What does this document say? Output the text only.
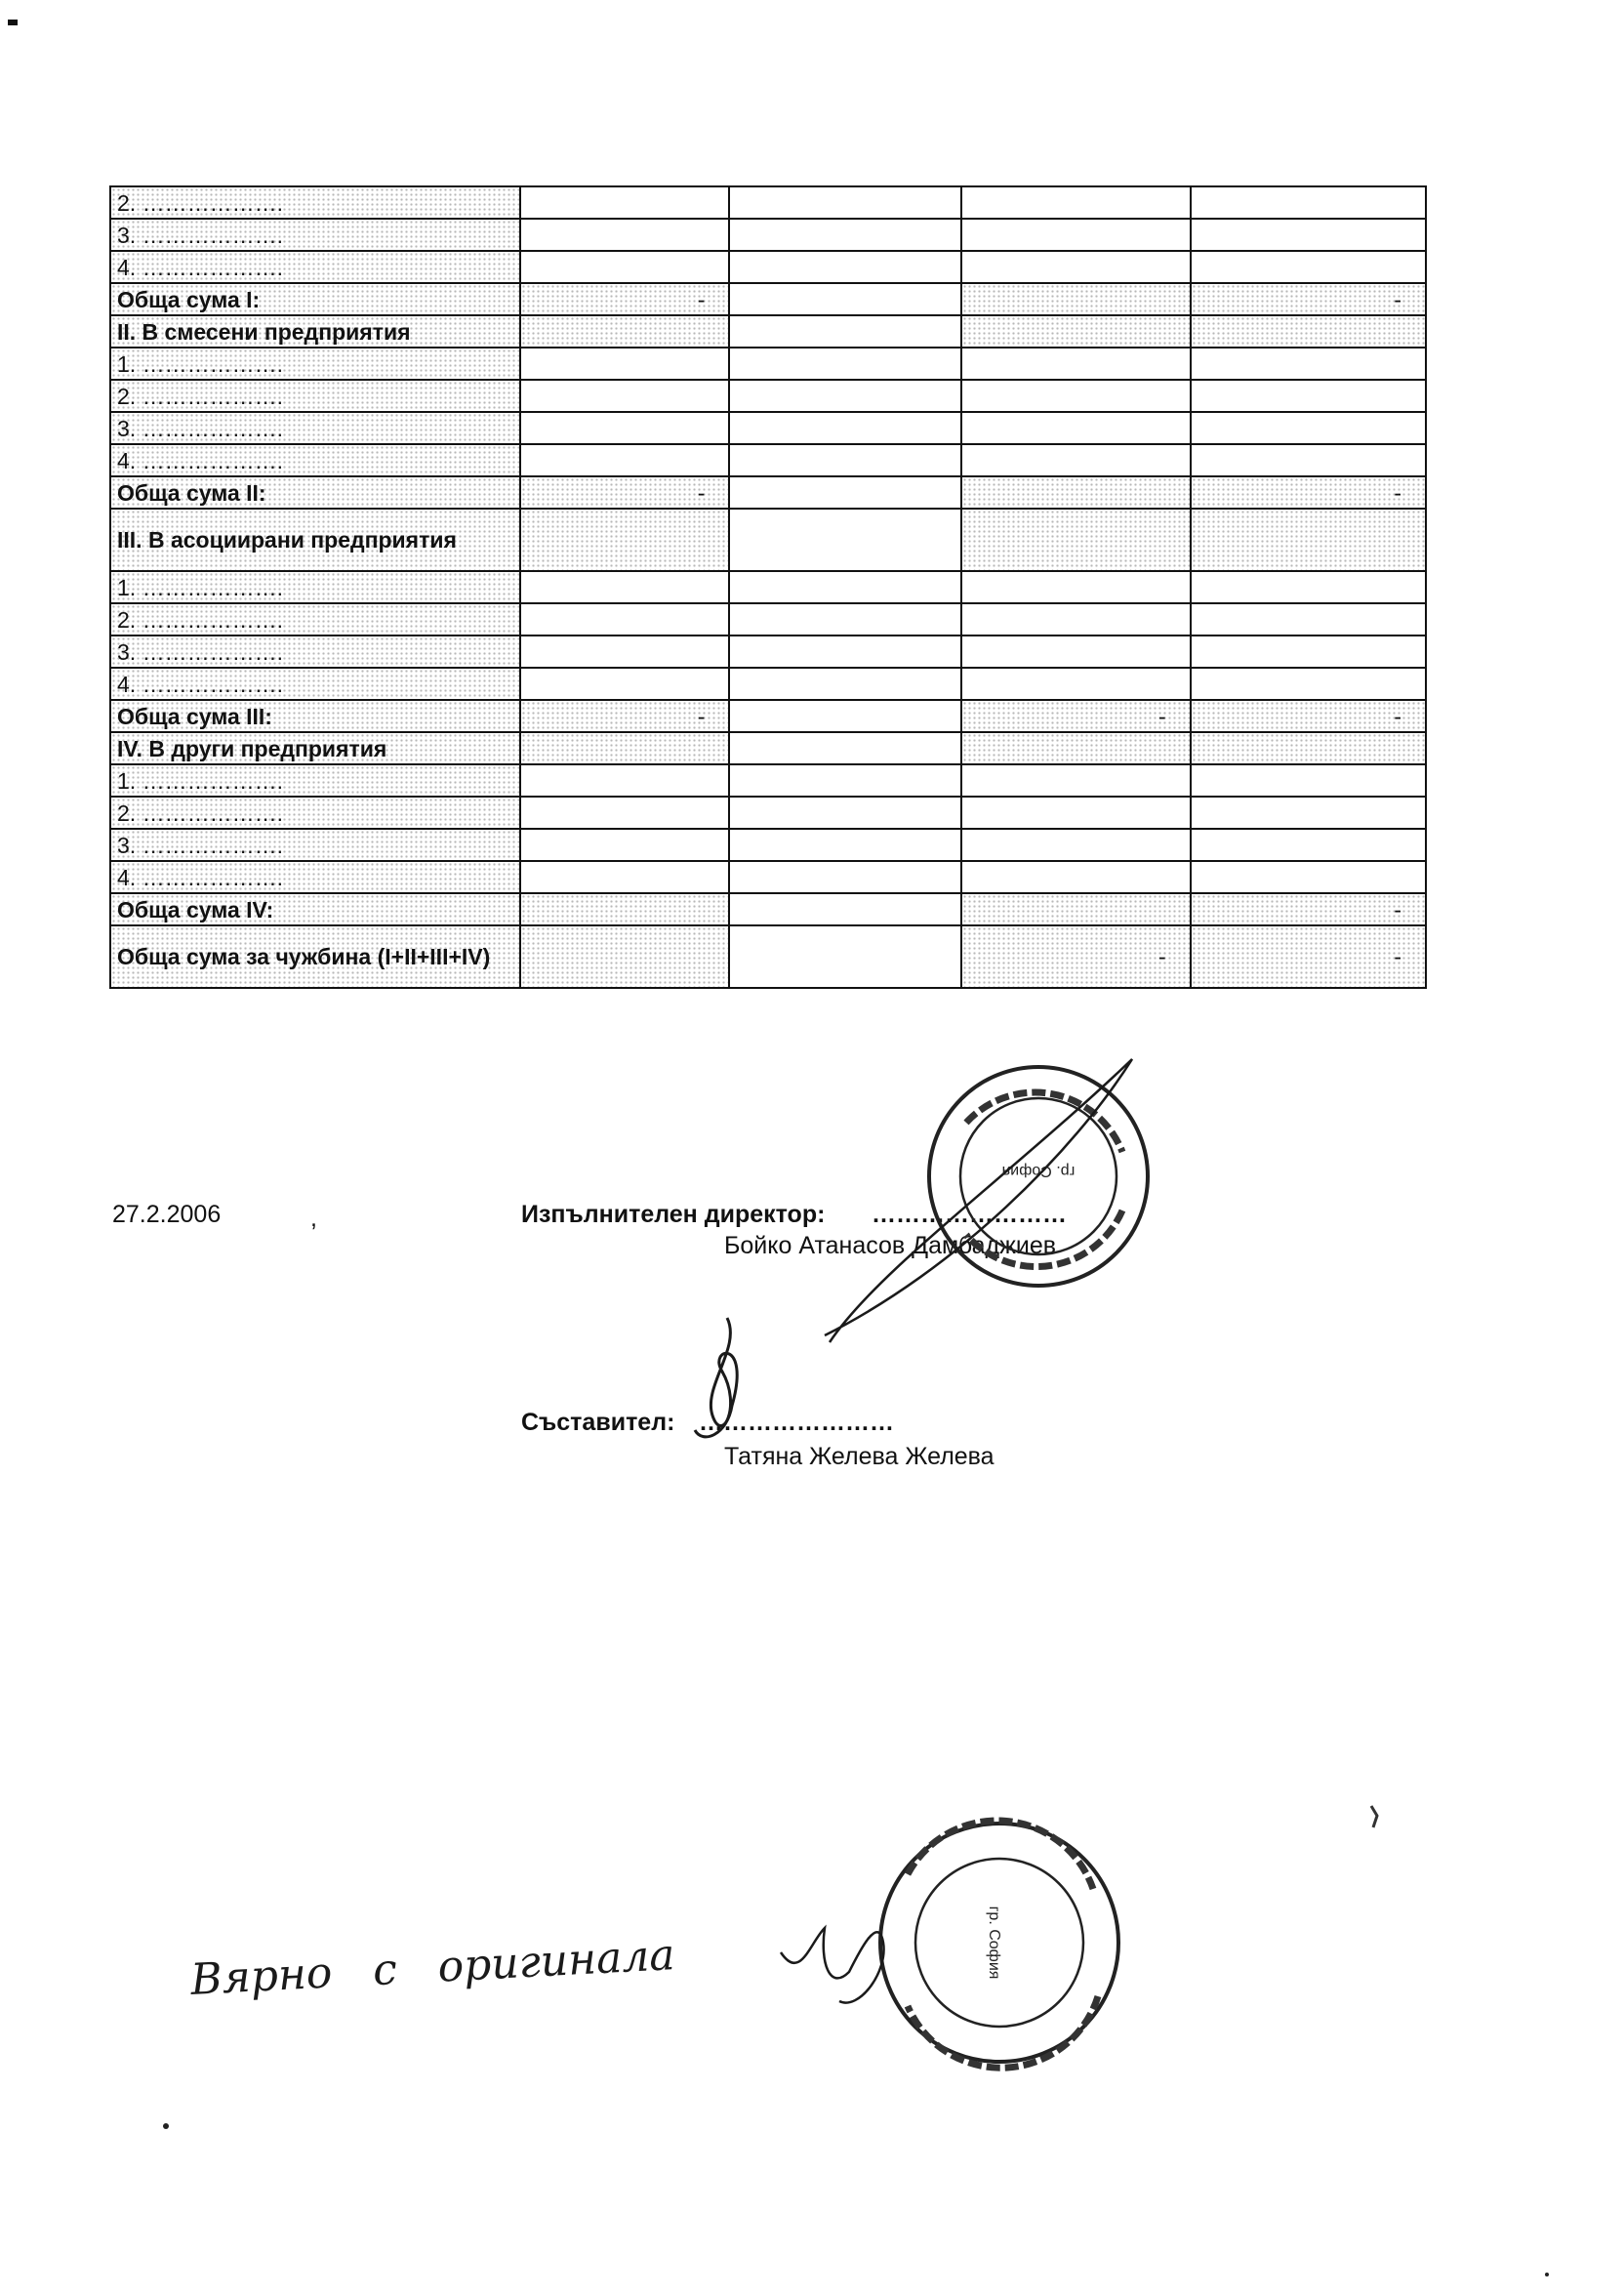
2. ……………….				
3. ……………….				
4. ……………….				
Обща сума I:	-			-
II. В смесени предприятия				
1. ……………….				
2. ……………….				
3. ……………….				
4. ……………….				
Обща сума II:	-			-
III. В асоциирани предприятия				
1. ……………….				
2. ……………….				
3. ……………….				
4. ……………….				
Обща сума III:	-		-	-
IV. В други предприятия				
1. ……………….				
2. ……………….				
3. ……………….				
4. ……………….				
Обща сума IV:				-
Обща сума за чужбина (I+II+III+IV)			-	-
27.2.2006	,	Изпълнителен директор: ……………………
Бойко Атанасов Дамбаджиев
Съставител: ……………………
Татяна Желева Желева
Вярно   с   оригинала
гр. София
гр. София
